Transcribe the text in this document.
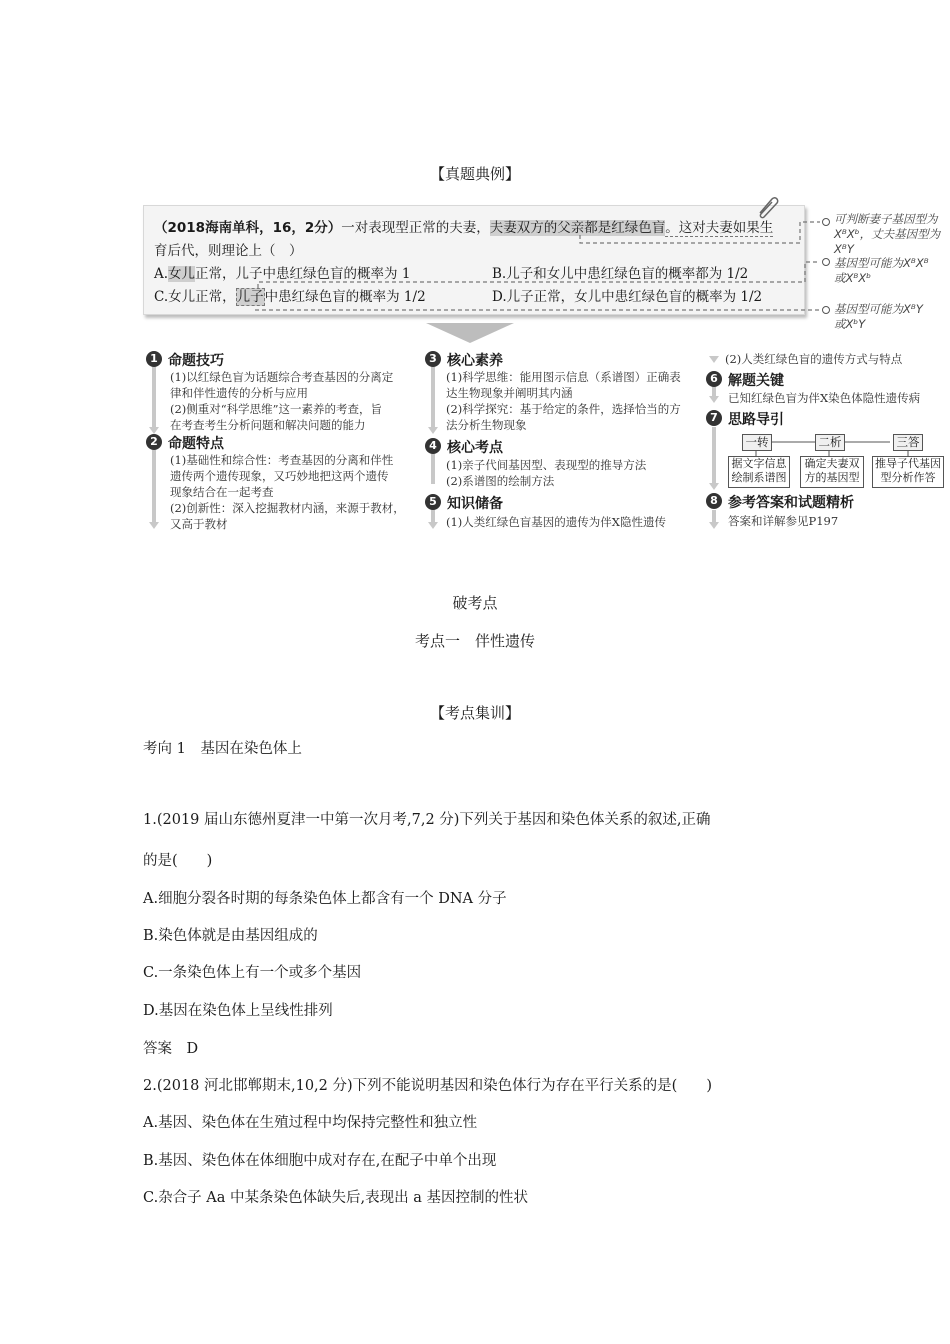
【真题典例】
（2018海南单科，16，2分）一对表现型正常的夫妻，夫妻双方的父亲都是红绿色盲。这对夫妻如果生
育后代，则理论上（　）
A.女儿正常，儿子中患红绿色盲的概率为 1	B.儿子和女儿中患红绿色盲的概率都为 1/2
C.女儿正常，儿子中患红绿色盲的概率为 1/2	D.儿子正常，女儿中患红绿色盲的概率为 1/2
可判断妻子基因型为
XᴮXᵇ，丈夫基因型为
XᴮY
基因型可能为XᴮXᴮ
或XᴮXᵇ
基因型可能为XᴮY
或XᵇY
1 命题技巧
(1)以红绿色盲为话题综合考查基因的分离定
律和伴性遗传的分析与应用
(2)侧重对“科学思维”这一素养的考查，旨
在考查考生分析问题和解决问题的能力
2 命题特点
(1)基础性和综合性：考查基因的分离和伴性
遗传两个遗传现象，又巧妙地把这两个遗传
现象结合在一起考查
(2)创新性：深入挖掘教材内涵，来源于教材，
又高于教材
3 核心素养
(1)科学思维：能用图示信息（系谱图）正确表
达生物现象并阐明其内涵
(2)科学探究：基于给定的条件，选择恰当的方
法分析生物现象
4 核心考点
(1)亲子代间基因型、表现型的推导方法
(2)系谱图的绘制方法
5 知识储备
(1)人类红绿色盲基因的遗传为伴X隐性遗传
(2)人类红绿色盲的遗传方式与特点
6 解题关键
已知红绿色盲为伴X染色体隐性遗传病
7 思路导引
一转	二析	三答
据文字信息绘制系谱图
确定夫妻双方的基因型
推导子代基因型分析作答
8 参考答案和试题精析
答案和详解参见P197
破考点
考点一　伴性遗传
【考点集训】
考向 1　基因在染色体上
1.(2019 届山东德州夏津一中第一次月考,7,2 分)下列关于基因和染色体关系的叙述,正确
的是(　　)
A.细胞分裂各时期的每条染色体上都含有一个 DNA 分子
B.染色体就是由基因组成的
C.一条染色体上有一个或多个基因
D.基因在染色体上呈线性排列
答案　D
2.(2018 河北邯郸期末,10,2 分)下列不能说明基因和染色体行为存在平行关系的是(　　)
A.基因、染色体在生殖过程中均保持完整性和独立性
B.基因、染色体在体细胞中成对存在,在配子中单个出现
C.杂合子 Aa 中某条染色体缺失后,表现出 a 基因控制的性状
